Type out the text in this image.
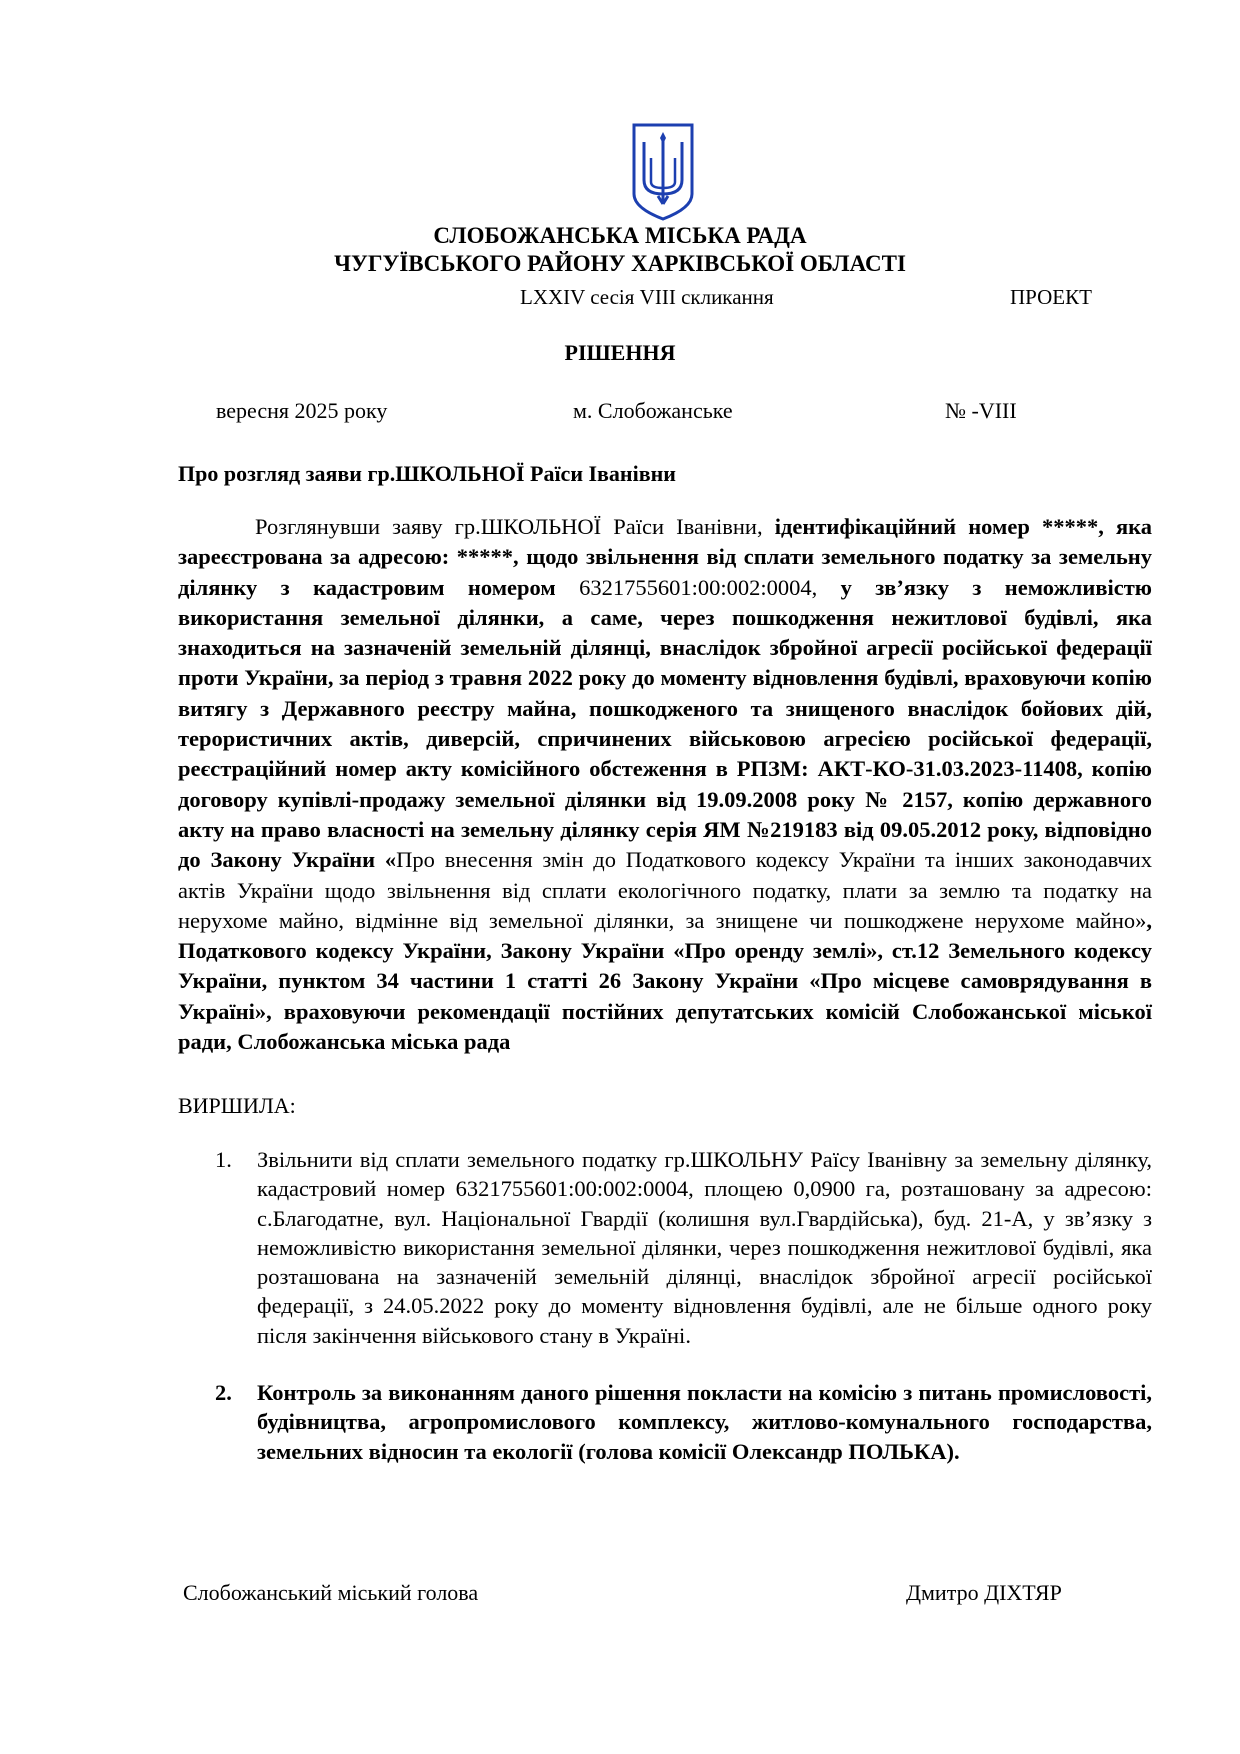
СЛОБОЖАНСЬКА МІСЬКА РАДА
ЧУГУЇВСЬКОГО РАЙОНУ ХАРКІВСЬКОЇ ОБЛАСТІ
LXXIV сесія VIII скликання	ПРОЕКТ
РІШЕННЯ
вересня 2025 року	м. Слобожанське	№ -VIII
Про розгляд заяви гр.ШКОЛЬНОЇ Раїси Іванівни
Розглянувши заяву гр.ШКОЛЬНОЇ Раїси Іванівни, ідентифікаційний номер *****, яка зареєстрована за адресою: *****, щодо звільнення від сплати земельного податку за земельну ділянку з кадастровим номером 6321755601:00:002:0004, у зв’язку з неможливістю використання земельної ділянки, а саме, через пошкодження нежитлової будівлі, яка знаходиться на зазначеній земельній ділянці, внаслідок збройної агресії російської федерації проти України, за період з травня 2022 року до моменту відновлення будівлі, враховуючи копію витягу з Державного реєстру майна, пошкодженого та знищеного внаслідок бойових дій, терористичних актів, диверсій, спричинених військовою агресією російської федерації, реєстраційний номер акту комісійного обстеження в РПЗМ: АКТ-КО-31.03.2023-11408, копію договору купівлі-продажу земельної ділянки від 19.09.2008 року № 2157, копію державного акту на право власності на земельну ділянку серія ЯМ №219183 від 09.05.2012 року, відповідно до Закону України «Про внесення змін до Податкового кодексу України та інших законодавчих актів України щодо звільнення від сплати екологічного податку, плати за землю та податку на нерухоме майно, відмінне від земельної ділянки, за знищене чи пошкоджене нерухоме майно», Податкового кодексу України, Закону України «Про оренду землі», ст.12 Земельного кодексу України, пунктом 34 частини 1 статті 26 Закону України «Про місцеве самоврядування в Україні», враховуючи рекомендації постійних депутатських комісій Слобожанської міської ради, Слобожанська міська рада
ВИРШИЛА:
1. Звільнити від сплати земельного податку гр.ШКОЛЬНУ Раїсу Іванівну за земельну ділянку, кадастровий номер 6321755601:00:002:0004, площею 0,0900 га, розташовану за адресою: с.Благодатне, вул. Національної Гвардії (колишня вул.Гвардійська), буд. 21-А, у зв’язку з неможливістю використання земельної ділянки, через пошкодження нежитлової будівлі, яка розташована на зазначеній земельній ділянці, внаслідок збройної агресії російської федерації, з 24.05.2022 року до моменту відновлення будівлі, але не більше одного року після закінчення військового стану в Україні.
2. Контроль за виконанням даного рішення покласти на комісію з питань промисловості, будівництва, агропромислового комплексу, житлово-комунального господарства, земельних відносин та екології (голова комісії Олександр ПОЛЬКА).
Слобожанський міський голова	Дмитро ДІХТЯР
